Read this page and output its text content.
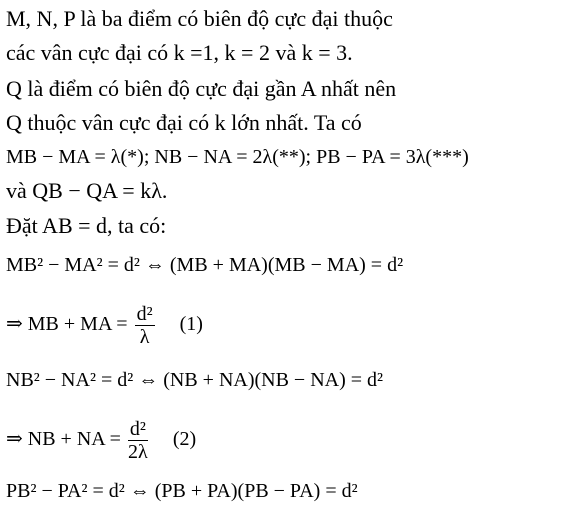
M, N, P là ba điểm có biên độ cực đại thuộc
các vân cực đại có k =1, k = 2 và k = 3.
Q là điểm có biên độ cực đại gần A nhất nên
Q thuộc vân cực đại có k lớn nhất. Ta có
MB − MA = λ(*); NB − NA = 2λ(**); PB − PA = 3λ(***)
và QB − QA = kλ.
Đặt AB = d, ta có:
MB² − MA² = d² ⇔ (MB + MA)(MB − MA) = d²
⇒ MB + MA = $\frac{\text{d²}}{\lambda} (1)$
NB² − NA² = d² ⇔ (NB + NA)(NB − NA) = d²
⇒ NB + NA = $\frac{\text{d²}}{2\lambda} (2)$
PB² − PA² = d² ⇔ (PB + PA)(PB − PA) = d²
